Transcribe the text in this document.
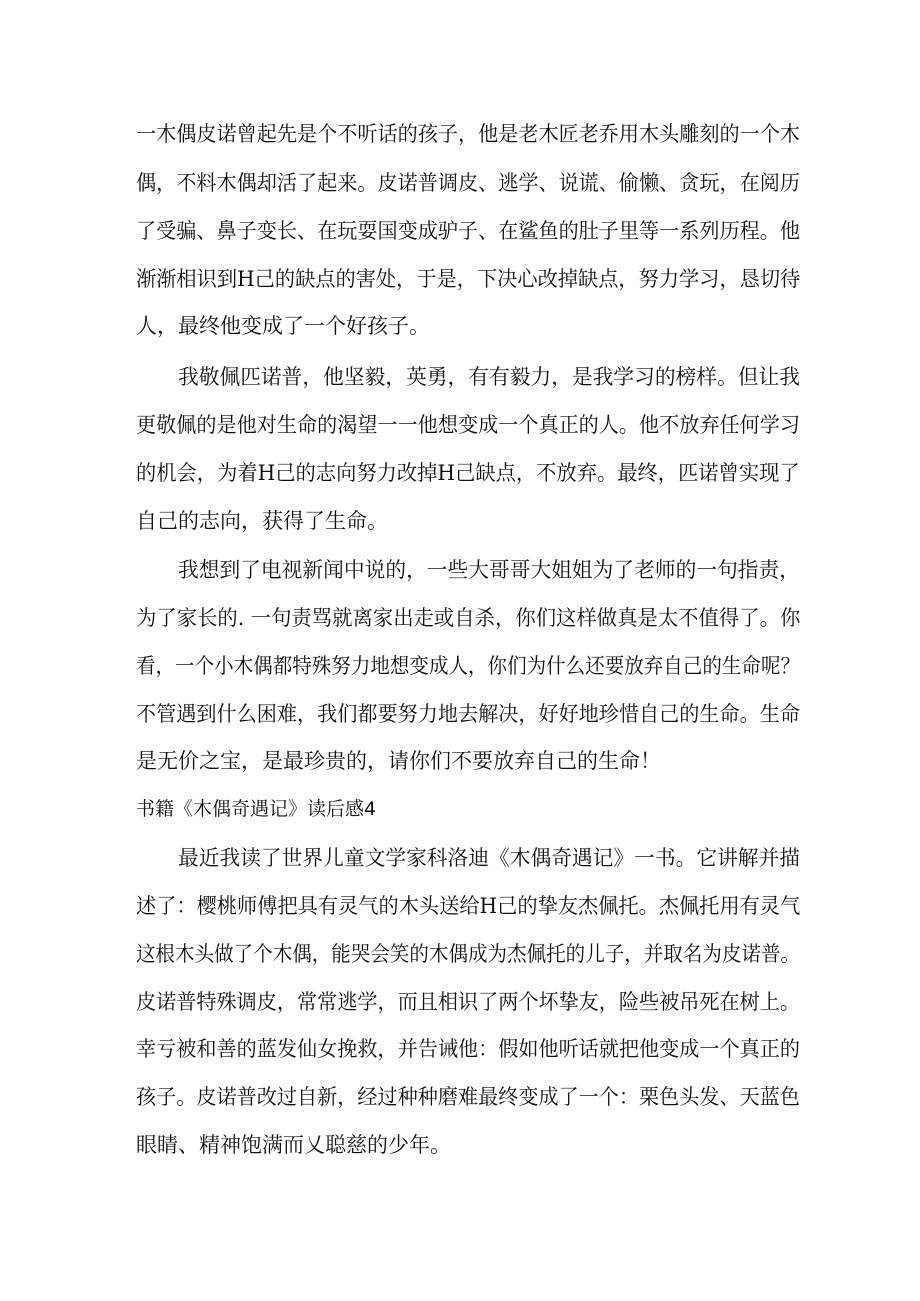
一木偶皮诺曾起先是个不听话的孩子，他是老木匠老乔用木头雕刻的一个木

偶，不料木偶却活了起来。皮诺普调皮、逃学、说谎、偷懒、贪玩，在阅历

了受骗、鼻子变长、在玩耍国变成驴子、在鲨鱼的肚子里等一系列历程。他

渐渐相识到H己的缺点的害处，于是，下决心改掉缺点，努力学习，恳切待

人，最终他变成了一个好孩子。

我敬佩匹诺普，他坚毅，英勇，有有毅力，是我学习的榜样。但让我

更敬佩的是他对生命的渴望一一他想变成一个真正的人。他不放弃任何学习

的机会，为着H己的志向努力改掉H己缺点，不放弃。最终，匹诺曾实现了

自己的志向，获得了生命。

我想到了电视新闻中说的，一些大哥哥大姐姐为了老师的一句指责，

为了家长的. 一句责骂就离家出走或自杀，你们这样做真是太不值得了。你

看，一个小木偶都特殊努力地想变成人，你们为什么还要放弃自己的生命呢？

不管遇到什么困难，我们都要努力地去解决，好好地珍惜自己的生命。生命

是无价之宝，是最珍贵的，请你们不要放弃自己的生命！

书籍《木偶奇遇记》读后感4

最近我读了世界儿童文学家科洛迪《木偶奇遇记》一书。它讲解并描

述了：樱桃师傅把具有灵气的木头送给H己的挚友杰佩托。杰佩托用有灵气

这根木头做了个木偶，能哭会笑的木偶成为杰佩托的儿子，并取名为皮诺普。

皮诺普特殊调皮，常常逃学，而且相识了两个坏挚友，险些被吊死在树上。

幸亏被和善的蓝发仙女挽救，并告诫他：假如他听话就把他变成一个真正的

孩子。皮诺普改过自新，经过种种磨难最终变成了一个：栗色头发、天蓝色

眼睛、精神饱满而乂聪慈的少年。
